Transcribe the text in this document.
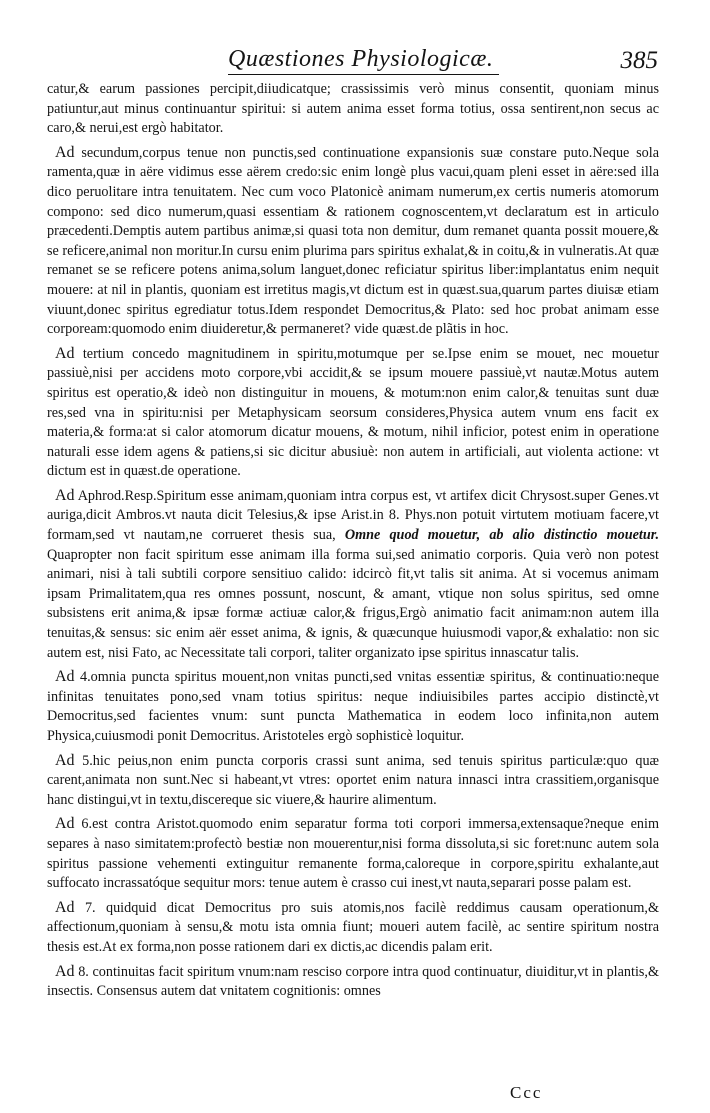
Quæstiones Physiologicæ.	385

catur,& earum passiones percipit,diiudicatque; crassissimis verò minus consentit, quoniam minus patiuntur,aut minus continuantur spiritui: si autem anima esset forma totius, ossa sentirent,non secus ac caro,& nerui,est ergò habitator.

Ad secundum,corpus tenue non punctis,sed continuatione expansionis suæ constare puto.Neque sola ramenta,quæ in aëre vidimus esse aërem credo:sic enim longè plus vacui,quam pleni esset in aëre:sed illa dico peruolitare intra tenuitatem. Nec cum voco Platonicè animam numerum,ex certis numeris atomorum compono: sed dico numerum,quasi essentiam & rationem cognoscentem,vt declaratum est in articulo præcedenti.Demptis autem partibus animæ,si quasi tota non demitur, dum remanet quanta possit mouere,& se reficere,animal non moritur.In cursu enim plurima pars spiritus exhalat,& in coitu,& in vulneratis.At quæ remanet se se reficere potens anima,solum languet,donec reficiatur spiritus liber:implantatus enim nequit mouere: at nil in plantis, quoniam est irretitus magis,vt dictum est in quæst.sua,quarum partes diuisæ etiam viuunt,donec spiritus egrediatur totus.Idem respondet Democritus,& Plato: sed hoc probat animam esse corpoream:quomodo enim diuideretur,& permaneret? vide quæst.de plãtis in hoc.

Ad tertium concedo magnitudinem in spiritu,motumque per se.Ipse enim se mouet, nec mouetur passiuè,nisi per accidens moto corpore,vbi accidit,& se ipsum mouere passiuè,vt nautæ.Motus autem spiritus est operatio,& ideò non distinguitur in mouens, & motum:non enim calor,& tenuitas sunt duæ res,sed vna in spiritu:nisi per Metaphysicam seorsum consideres,Physica autem vnum ens facit ex materia,& forma:at si calor atomorum dicatur mouens, & motum, nihil inficior, potest enim in operatione naturali esse idem agens & patiens,si sic dicitur abusiuè: non autem in artificiali, aut violenta actione: vt dictum est in quæst.de operatione.

Ad Aphrod.Resp.Spiritum esse animam,quoniam intra corpus est, vt artifex dicit Chrysost.super Genes.vt auriga,dicit Ambros.vt nauta dicit Telesius,& ipse Arist.in 8. Phys.non potuit virtutem motiuam facere,vt formam,sed vt nautam,ne corrueret thesis sua, Omne quod mouetur, ab alio distinctio mouetur. Quapropter non facit spiritum esse animam illa forma sui,sed animatio corporis. Quia verò non potest animari, nisi à tali subtili corpore sensitiuo calido: idcircò fit,vt talis sit anima. At si vocemus animam ipsam Primalitatem,qua res omnes possunt, noscunt, & amant, vtique non solus spiritus, sed omne subsistens erit anima,& ipsæ formæ actiuæ calor,& frigus,Ergò animatio facit animam:non autem illa tenuitas,& sensus: sic enim aër esset anima, & ignis, & quæcunque huiusmodi vapor,& exhalatio: non sic autem est, nisi Fato, ac Necessitate tali corpori, taliter organizato ipse spiritus innascatur talis.

Ad 4.omnia puncta spiritus mouent,non vnitas puncti,sed vnitas essentiæ spiritus, & continuatio:neque infinitas tenuitates pono,sed vnam totius spiritus: neque indiuisibiles partes accipio distinctè,vt Democritus,sed facientes vnum: sunt puncta Mathematica in eodem loco infinita,non autem Physica,cuiusmodi ponit Democritus. Aristoteles ergò sophisticè loquitur.

Ad 5.hic peius,non enim puncta corporis crassi sunt anima, sed tenuis spiritus particulæ:quo quæ carent,animata non sunt.Nec si habeant,vt vtres: oportet enim natura innasci intra crassitiem,organisque hanc distingui,vt in textu,discereque sic viuere,& haurire alimentum.

Ad 6.est contra Aristot.quomodo enim separatur forma toti corpori immersa,extensaque?neque enim separes à naso simitatem:profectò bestiæ non mouerentur,nisi forma dissoluta,si sic foret:nunc autem sola spiritus passione vehementi extinguitur remanente forma,caloreque in corpore,spiritu exhalante,aut suffocato incrassatóque sequitur mors: tenue autem è crasso cui inest,vt nauta,separari posse palam est.

Ad 7. quidquid dicat Democritus pro suis atomis,nos facilè reddimus causam operationum,& affectionum,quoniam à sensu,& motu ista omnia fiunt; moueri autem facilè, ac sentire spiritum nostra thesis est.At ex forma,non posse rationem dari ex dictis,ac dicendis palam erit.

Ad 8. continuitas facit spiritum vnum:nam resciso corpore intra quod continuatur, diuiditur,vt in plantis,& insectis. Consensus autem dat vnitatem cognitionis: omnes

Ccc
